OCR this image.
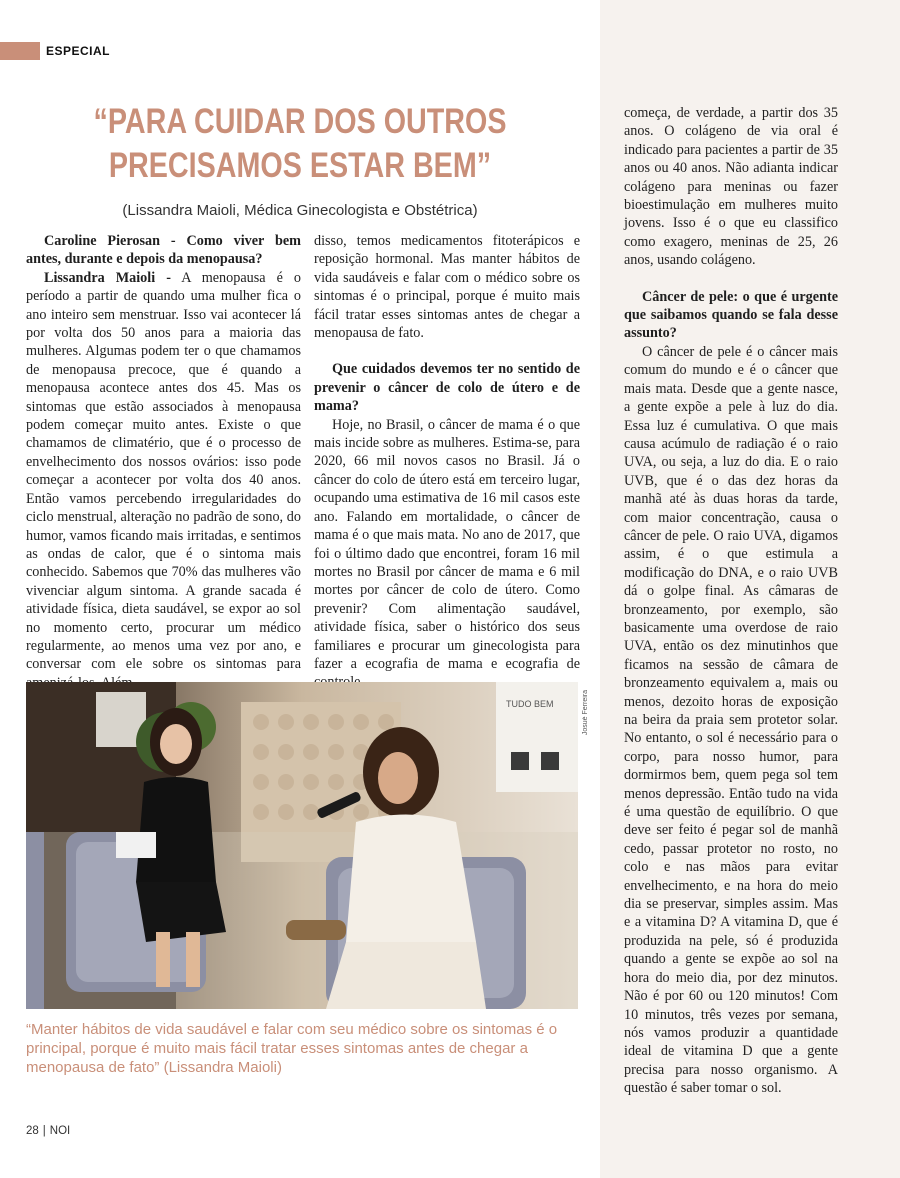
ESPECIAL
“PARA CUIDAR DOS OUTROS
PRECISAMOS ESTAR BEM”
(Lissandra Maioli, Médica Ginecologista e Obstétrica)

Caroline Pierosan - Como viver bem antes, durante e depois da menopausa?

Lissandra Maioli - A menopausa é o período a partir de quando uma mulher fica o ano inteiro sem menstruar. Isso vai acontecer lá por volta dos 50 anos para a maioria das mulheres. Algumas podem ter o que chamamos de menopausa precoce, que é quando a menopausa acontece antes dos 45. Mas os sintomas que estão associados à menopausa podem começar muito antes. Existe o que chamamos de climatério, que é o processo de envelhecimento dos nossos ovários: isso pode começar a acontecer por volta dos 40 anos. Então vamos percebendo irregularidades do ciclo menstrual, alteração no padrão de sono, do humor, vamos ficando mais irritadas, e sentimos as ondas de calor, que é o sintoma mais conhecido. Sabemos que 70% das mulheres vão vivenciar algum sintoma. A grande sacada é atividade física, dieta saudável, se expor ao sol no momento certo, procurar um médico regularmente, ao menos uma vez por ano, e conversar com ele sobre os sintomas para

disso, temos medicamentos fitoterápicos e reposição hormonal. Mas manter hábitos de vida saudáveis e falar com o médico sobre os sintomas é o principal, porque é muito mais fácil tratar esses sintomas antes de chegar a menopausa de fato.

Que cuidados devemos ter no sentido de prevenir o câncer de colo de útero e de mama?

Hoje, no Brasil, o câncer de mama é o que mais incide sobre as mulheres. Estima-se, para 2020, 66 mil novos casos no Brasil. Já o câncer do colo de útero está em terceiro lugar, ocupando uma estimativa de 16 mil casos este ano. Falando em mortalidade, o câncer de mama é o que mais mata. No ano de 2017, que foi o último dado que encontrei, foram 16 mil mortes no Brasil por câncer de mama e 6 mil mortes por câncer de colo de útero. Como prevenir? Com alimentação saudável, atividade física, saber o histórico dos seus familiares e procurar um ginecologista para fazer a ecografia de mama e ecografia de

TUDO BEM	Josué Ferreira
“Manter hábitos de vida saudável e falar com seu médico sobre os sintomas é o principal, porque é muito mais fácil tratar esses sintomas antes de chegar a menopausa de fato” (Lissandra Maioli)
28 | NOI

começa, de verdade, a partir dos 35 anos. O colágeno de via oral é indicado para pacientes a partir de 35 anos ou 40 anos. Não adianta indicar colágeno para meninas ou fazer bioestimulação em mulheres muito jovens. Isso é o que eu classifico como exagero, meninas de 25, 26 anos, usando colágeno.

Câncer de pele: o que é urgente que saibamos quando se fala desse assunto?

O câncer de pele é o câncer mais comum do mundo e é o câncer que mais mata. Desde que a gente nasce, a gente expõe a pele à luz do dia. Essa luz é cumulativa. O que mais causa acúmulo de radiação é o raio UVA, ou seja, a luz do dia. E o raio UVB, que é o das dez horas da manhã até às duas horas da tarde, com maior concentração, causa o câncer de pele. O raio UVA, digamos assim, é o que estimula a modificação do DNA, e o raio UVB dá o golpe final. As câmaras de bronzeamento, por exemplo, são basicamente uma overdose de raio UVA, então os dez minutinhos que ficamos na sessão de câmara de bronzeamento equivalem a, mais ou menos, dezoito horas de exposição na beira da praia sem protetor solar. No entanto, o sol é necessário para o corpo, para nosso humor, para dormirmos bem, quem pega sol tem menos depressão. Então tudo na vida é uma questão de equilíbrio. O que deve ser feito é pegar sol de manhã cedo, passar protetor no rosto, no colo e nas mãos para evitar envelhecimento, e na hora do meio dia se preservar, simples assim. Mas e a vitamina D? A vitamina D, que é produzida na pele, só é produzida quando a gente se expõe ao sol na hora do meio dia, por dez minutos. Não é por 60 ou 120 minutos! Com 10 minutos, três vezes por semana, nós vamos produzir a quantidade ideal de vitamina D que a gente precisa para nosso organismo. A questão é saber tomar o sol.
